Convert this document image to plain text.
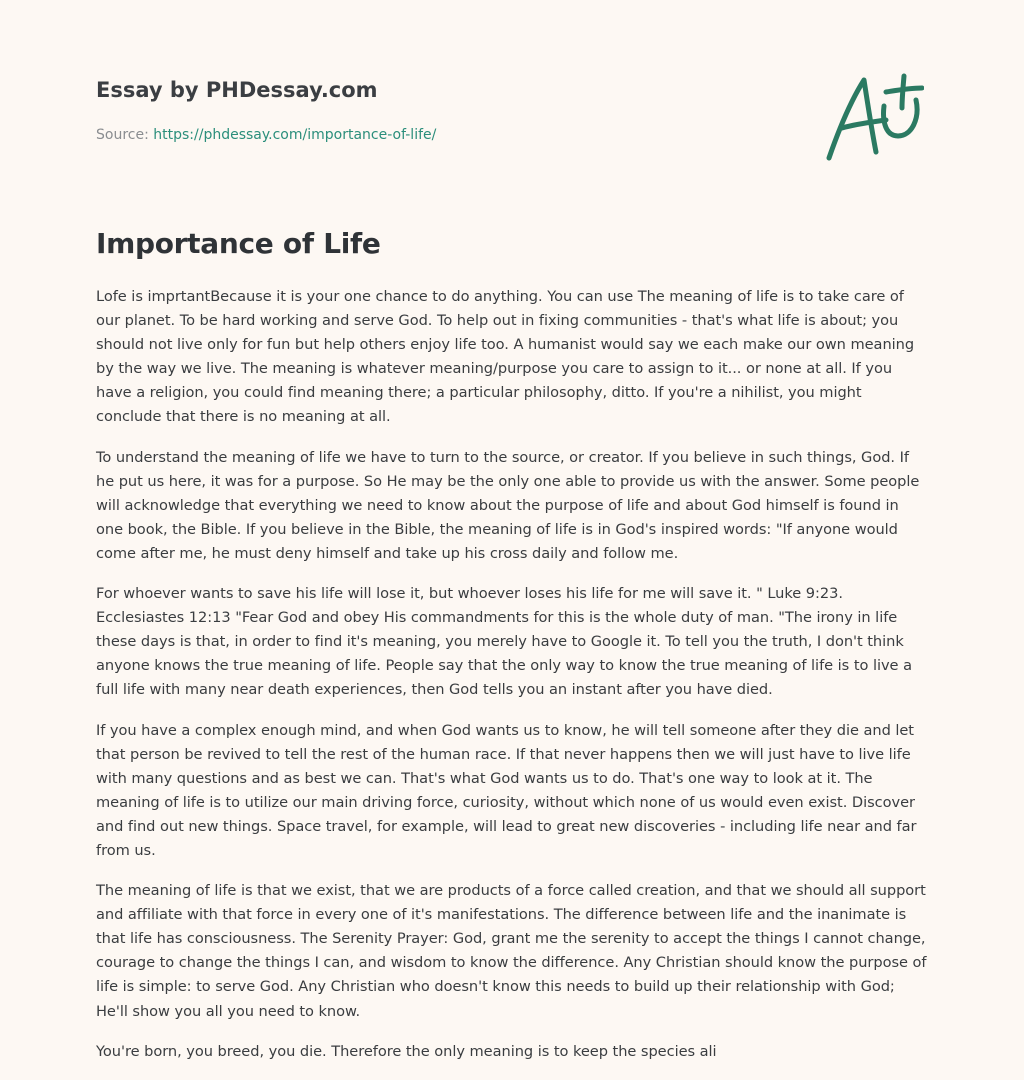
Essay by PHDessay.com
Source: https://phdessay.com/importance-of-life/
Importance of Life

Lofe is imprtantBecause it is your one chance to do anything. You can use The meaning of life is to take care of our planet. To be hard working and serve God. To help out in fixing communities - that's what life is about; you should not live only for fun but help others enjoy life too. A humanist would say we each make our own meaning by the way we live. The meaning is whatever meaning/purpose you care to assign to it... or none at all. If you have a religion, you could find meaning there; a particular philosophy, ditto. If you're a nihilist, you might conclude that there is no meaning at all.

To understand the meaning of life we have to turn to the source, or creator. If you believe in such things, God. If he put us here, it was for a purpose. So He may be the only one able to provide us with the answer. Some people will acknowledge that everything we need to know about the purpose of life and about God himself is found in one book, the Bible. If you believe in the Bible, the meaning of life is in God's inspired words: "If anyone would come after me, he must deny himself and take up his cross daily and follow me.

For whoever wants to save his life will lose it, but whoever loses his life for me will save it. " Luke 9:23. Ecclesiastes 12:13 "Fear God and obey His commandments for this is the whole duty of man. "The irony in life these days is that, in order to find it's meaning, you merely have to Google it. To tell you the truth, I don't think anyone knows the true meaning of life. People say that the only way to know the true meaning of life is to live a full life with many near death experiences, then God tells you an instant after you have died.

If you have a complex enough mind, and when God wants us to know, he will tell someone after they die and let that person be revived to tell the rest of the human race. If that never happens then we will just have to live life with many questions and as best we can. That's what God wants us to do. That's one way to look at it. The meaning of life is to utilize our main driving force, curiosity, without which none of us would even exist. Discover and find out new things. Space travel, for example, will lead to great new discoveries - including life near and far from us.

The meaning of life is that we exist, that we are products of a force called creation, and that we should all support and affiliate with that force in every one of it's manifestations. The difference between life and the inanimate is that life has consciousness. The Serenity Prayer: God, grant me the serenity to accept the things I cannot change, courage to change the things I can, and wisdom to know the difference. Any Christian should know the purpose of life is simple: to serve God. Any Christian who doesn't know this needs to build up their relationship with God; He'll show you all you need to know.

You're born, you breed, you die. Therefore the only meaning is to keep the species ali
